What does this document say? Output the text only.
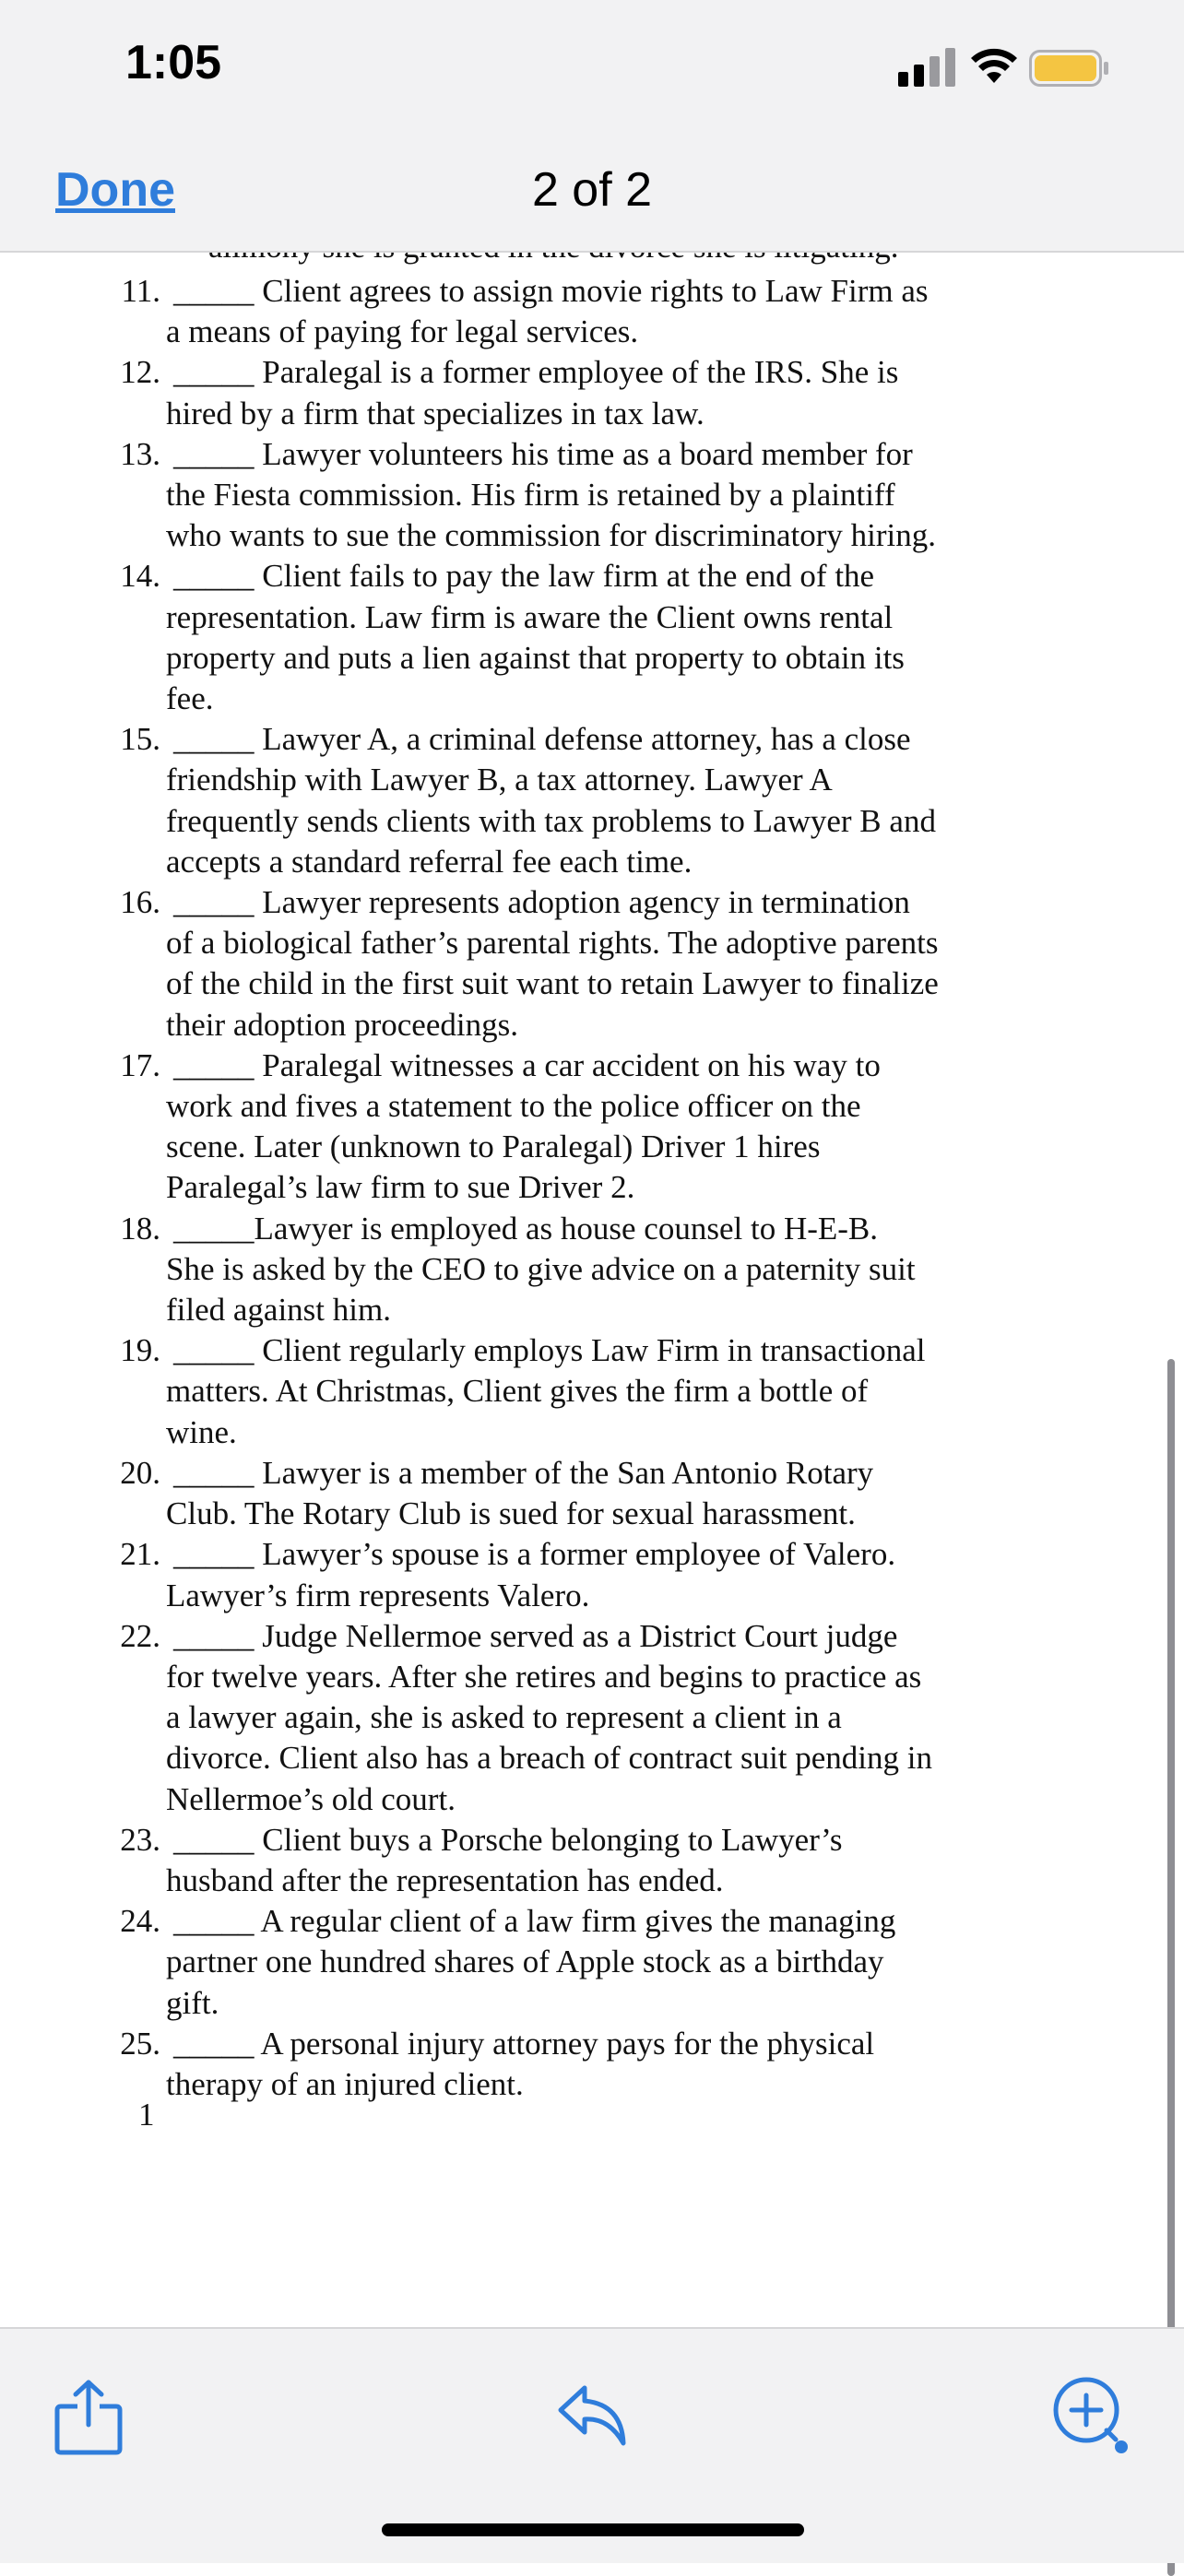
1:05
2 of 2
Done
11. _____ Client agrees to assign movie rights to Law Firm as
a means of paying for legal services.
12. _____ Paralegal is a former employee of the IRS. She is
hired by a firm that specializes in tax law.
13. _____ Lawyer volunteers his time as a board member for
the Fiesta commission. His firm is retained by a plaintiff
who wants to sue the commission for discriminatory hiring.
14. _____ Client fails to pay the law firm at the end of the
representation. Law firm is aware the Client owns rental
property and puts a lien against that property to obtain its
fee.
15. _____ Lawyer A, a criminal defense attorney, has a close
friendship with Lawyer B, a tax attorney. Lawyer A
frequently sends clients with tax problems to Lawyer B and
accepts a standard referral fee each time.
16. _____ Lawyer represents adoption agency in termination
of a biological father’s parental rights. The adoptive parents
of the child in the first suit want to retain Lawyer to finalize
their adoption proceedings.
17. _____ Paralegal witnesses a car accident on his way to
work and fives a statement to the police officer on the
scene. Later (unknown to Paralegal) Driver 1 hires
Paralegal’s law firm to sue Driver 2.
18. _____Lawyer is employed as house counsel to H-E-B.
She is asked by the CEO to give advice on a paternity suit
filed against him.
19. _____ Client regularly employs Law Firm in transactional
matters. At Christmas, Client gives the firm a bottle of
wine.
20. _____ Lawyer is a member of the San Antonio Rotary
Club. The Rotary Club is sued for sexual harassment.
21. _____ Lawyer’s spouse is a former employee of Valero.
Lawyer’s firm represents Valero.
22. _____ Judge Nellermoe served as a District Court judge
for twelve years. After she retires and begins to practice as
a lawyer again, she is asked to represent a client in a
divorce. Client also has a breach of contract suit pending in
Nellermoe’s old court.
23. _____ Client buys a Porsche belonging to Lawyer’s
husband after the representation has ended.
24. _____ A regular client of a law firm gives the managing
partner one hundred shares of Apple stock as a birthday
gift.
25. _____ A personal injury attorney pays for the physical
therapy of an injured client.
1
